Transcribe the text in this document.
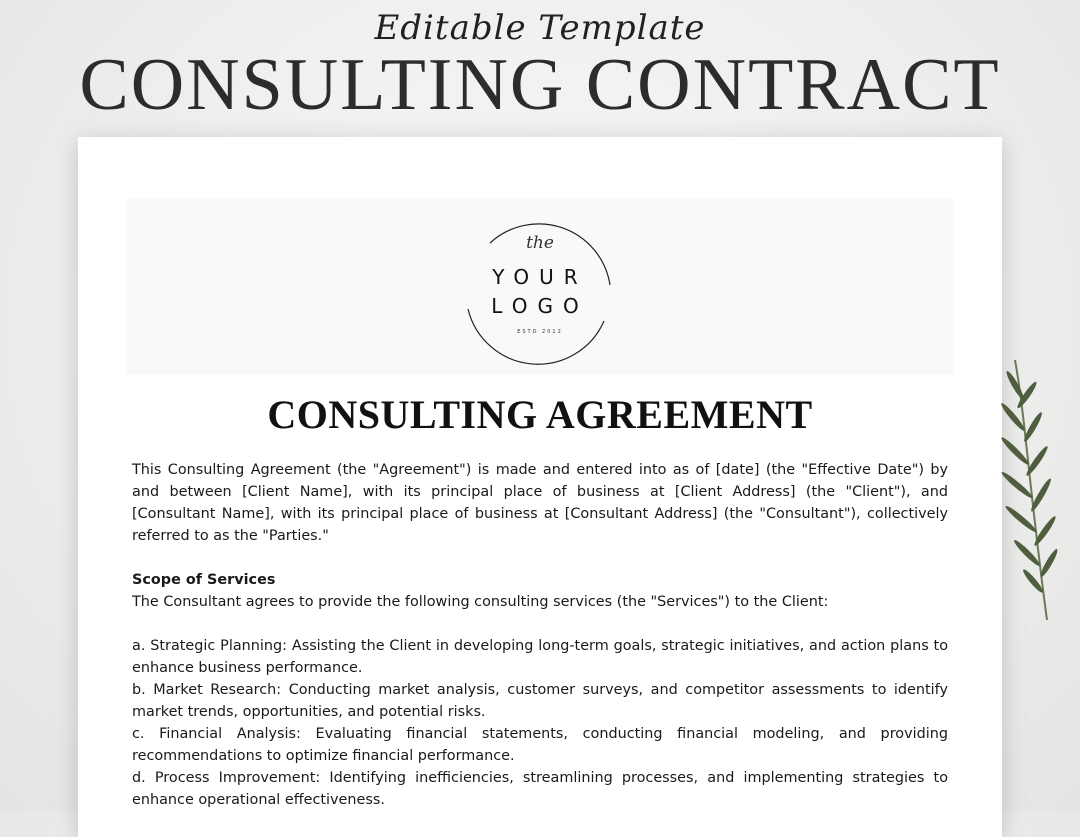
Editable Template
CONSULTING CONTRACT
the
YOUR
LOGO
ESTD 2012
CONSULTING AGREEMENT

This Consulting Agreement (the "Agreement") is made and entered into as of [date] (the "Effective Date") by and between [Client Name], with its principal place of business at [Client Address] (the "Client"), and [Consultant Name], with its principal place of business at [Consultant Address] (the "Consultant"), collectively referred to as the "Parties."

Scope of Services

The Consultant agrees to provide the following consulting services (the "Services") to the Client:

a. Strategic Planning: Assisting the Client in developing long-term goals, strategic initiatives, and action plans to enhance business performance.

b. Market Research: Conducting market analysis, customer surveys, and competitor assessments to identify market trends, opportunities, and potential risks.

c. Financial Analysis: Evaluating financial statements, conducting financial modeling, and providing recommendations to optimize financial performance.

d. Process Improvement: Identifying inefficiencies, streamlining processes, and implementing strategies to enhance operational effectiveness.
